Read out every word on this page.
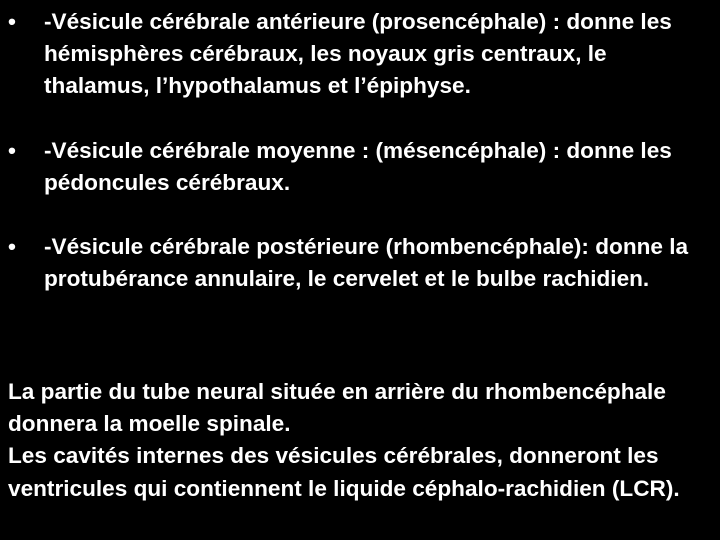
•	-Vésicule cérébrale antérieure (prosencéphale) : donne les hémisphères cérébraux, les noyaux gris centraux, le thalamus, l’hypothalamus et l’épiphyse.
•	-Vésicule cérébrale moyenne : (mésencéphale) : donne les pédoncules cérébraux.
•	-Vésicule cérébrale postérieure (rhombencéphale): donne la protubérance annulaire, le cervelet et le bulbe rachidien.

La partie du tube neural située en arrière du rhombencéphale donnera la moelle spinale.

Les cavités internes des vésicules cérébrales, donneront les ventricules qui contiennent le liquide céphalo-rachidien (LCR).
